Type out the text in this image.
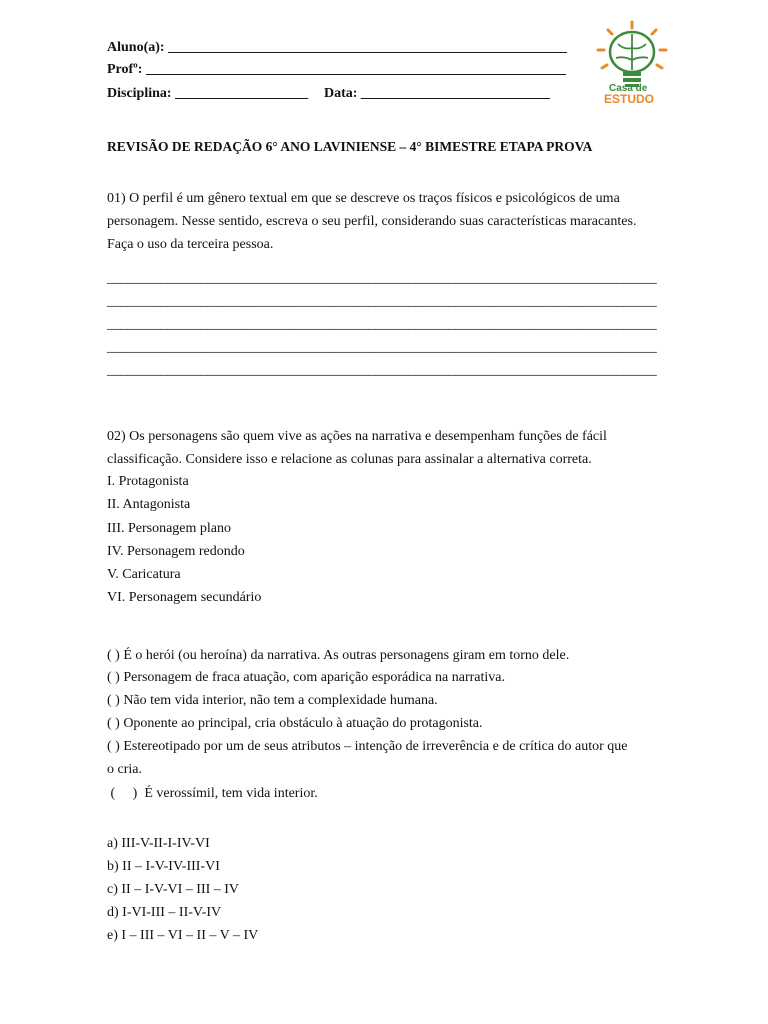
Aluno(a): _________________________________________________________
Profº: ____________________________________________________________
Disciplina: ___________________ Data: ___________________________	Casa de
ESTUDO
REVISÃO DE REDAÇÃO 6° ANO LAVINIENSE – 4° BIMESTRE ETAPA PROVA
01) O perfil é um gênero textual em que se descreve os traços físicos e psicológicos de uma
personagem. Nesse sentido, escreva o seu perfil, considerando suas características maracantes.
Faça o uso da terceira pessoa.
__________________________________________________________________________________
__________________________________________________________________________________
__________________________________________________________________________________
__________________________________________________________________________________
__________________________________________________________________________________
02) Os personagens são quem vive as ações na narrativa e desempenham funções de fácil
classificação. Considere isso e relacione as colunas para assinalar a alternativa correta.
I. Protagonista
II. Antagonista
III. Personagem plano
IV. Personagem redondo
V. Caricatura
VI. Personagem secundário
( ) É o herói (ou heroína) da narrativa. As outras personagens giram em torno dele.
( ) Personagem de fraca atuação, com aparição esporádica na narrativa.
( ) Não tem vida interior, não tem a complexidade humana.
( ) Oponente ao principal, cria obstáculo à atuação do protagonista.
( ) Estereotipado por um de seus atributos – intenção de irreverência e de crítica do autor que
o cria.
(     )  É verossímil, tem vida interior.
a) III-V-II-I-IV-VI
b) II – I-V-IV-III-VI
c) II – I-V-VI – III – IV
d) I-VI-III – II-V-IV
e) I – III – VI – II – V – IV
